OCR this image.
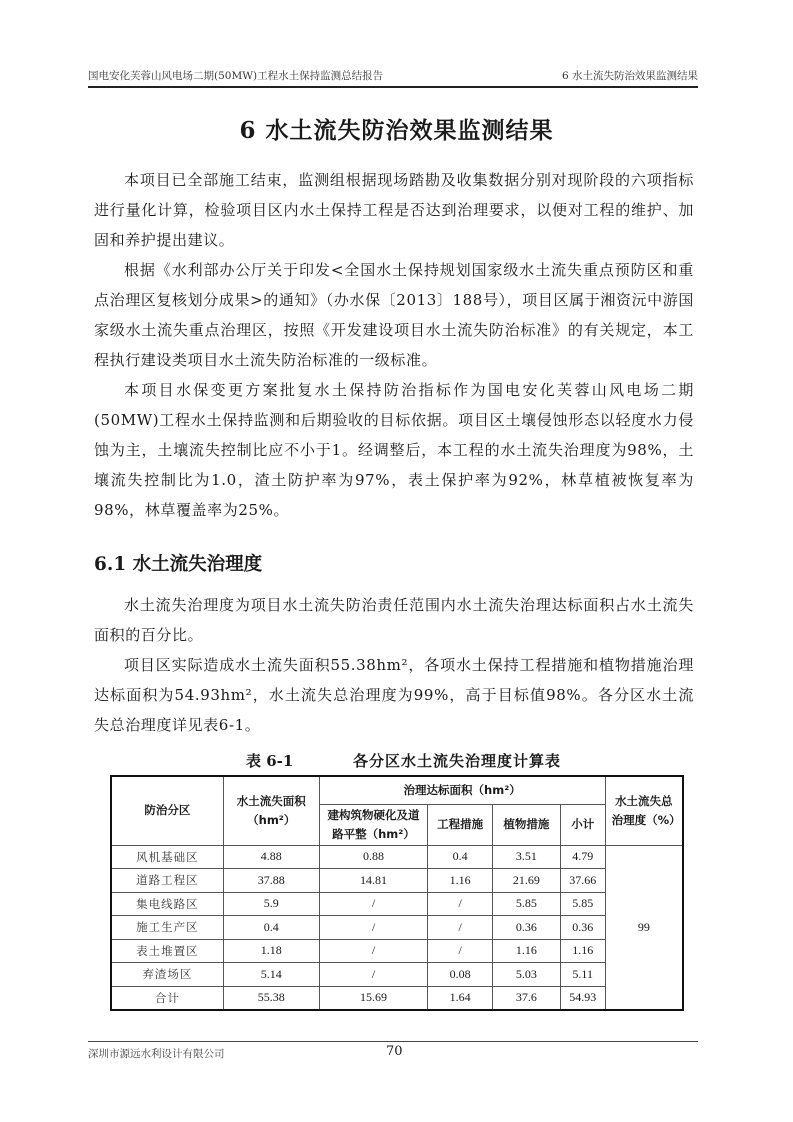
国电安化芙蓉山风电场二期(50MW)工程水土保持监测总结报告	6 水土流失防治效果监测结果
6 水土流失防治效果监测结果
本项目已全部施工结束，监测组根据现场踏勘及收集数据分别对现阶段的六项指标进行量化计算，检验项目区内水土保持工程是否达到治理要求，以便对工程的维护、加固和养护提出建议。
根据《水利部办公厅关于印发<全国水土保持规划国家级水土流失重点预防区和重点治理区复核划分成果>的通知》（办水保〔2013〕188号），项目区属于湘资沅中游国家级水土流失重点治理区，按照《开发建设项目水土流失防治标准》的有关规定，本工程执行建设类项目水土流失防治标准的一级标准。
本项目水保变更方案批复水土保持防治指标作为国电安化芙蓉山风电场二期(50MW)工程水土保持监测和后期验收的目标依据。项目区土壤侵蚀形态以轻度水力侵蚀为主，土壤流失控制比应不小于1。经调整后，本工程的水土流失治理度为98%，土壤流失控制比为1.0，渣土防护率为97%，表土保护率为92%，林草植被恢复率为98%，林草覆盖率为25%。
6.1 水土流失治理度
水土流失治理度为项目水土流失防治责任范围内水土流失治理达标面积占水土流失面积的百分比。
项目区实际造成水土流失面积55.38hm²，各项水土保持工程措施和植物措施治理达标面积为54.93hm²，水土流失总治理度为99%，高于目标值98%。各分区水土流失总治理度详见表6-1。
表 6-1	各分区水土流失治理度计算表
防治分区	水土流失面积（hm²）	治理达标面积（hm²）				水土流失总治理度（%）
		建构筑物硬化及道路平整（hm²）	工程措施	植物措施	小计	
风机基础区	4.88	0.88	0.4	3.51	4.79	99
道路工程区	37.88	14.81	1.16	21.69	37.66	
集电线路区	5.9	/	/	5.85	5.85	
施工生产区	0.4	/	/	0.36	0.36	
表土堆置区	1.18	/	/	1.16	1.16	
弃渣场区	5.14	/	0.08	5.03	5.11	
合计	55.38	15.69	1.64	37.6	54.93	
深圳市源远水利设计有限公司	70
